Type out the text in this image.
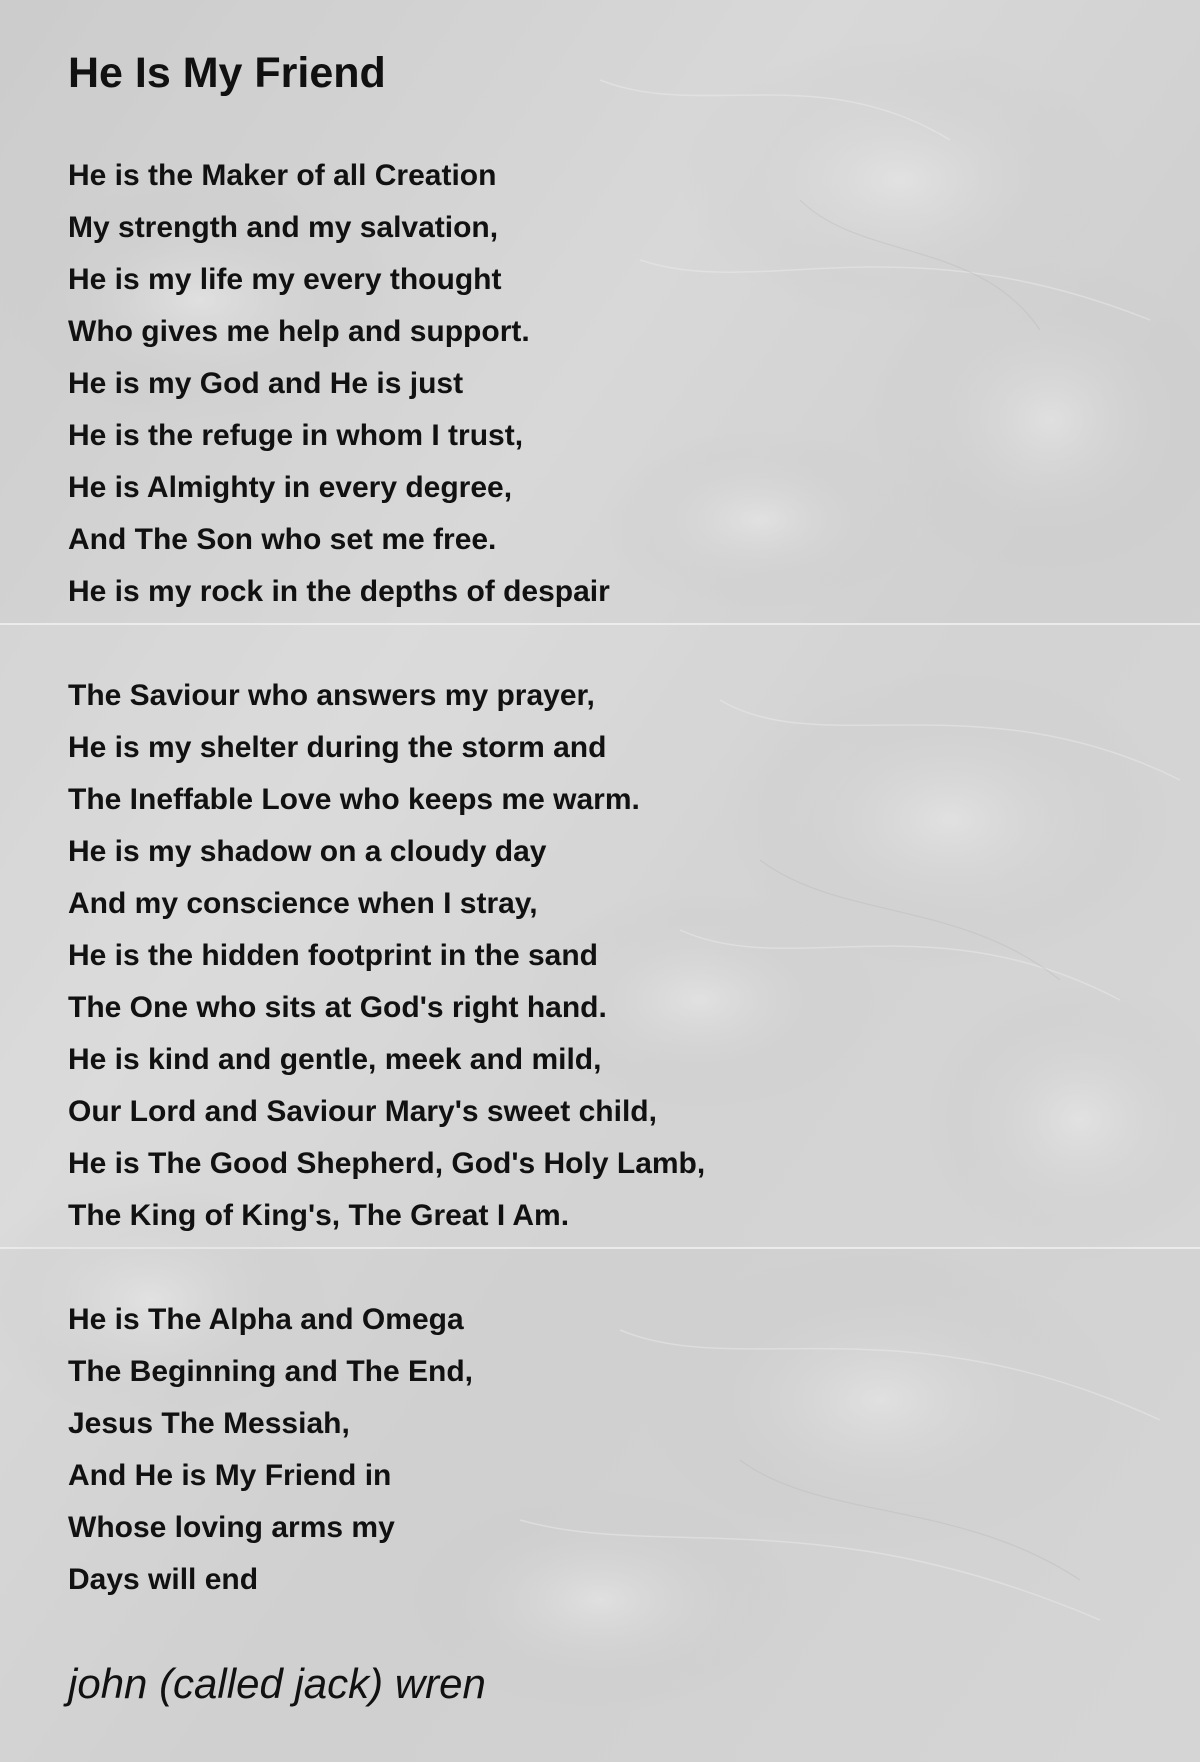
He Is My Friend
He is the Maker of all Creation
My strength and my salvation,
He is my life my every thought
Who gives me help and support.
He is my God and He is just
He is the refuge in whom I trust,
He is Almighty in every degree,
And The Son who set me free.
He is my rock in the depths of despair
The Saviour who answers my prayer,
He is my shelter during the storm and
The Ineffable Love who keeps me warm.
He is my shadow on a cloudy day
And my conscience when I stray,
He is the hidden footprint in the sand
The One who sits at God's right hand.
He is kind and gentle, meek and mild,
Our Lord and Saviour Mary's sweet child,
He is The Good Shepherd, God's Holy Lamb,
The King of King's, The Great I Am.
He is The Alpha and Omega
The Beginning and The End,
Jesus The Messiah,
And He is My Friend in
Whose loving arms my
Days will end

john (called jack) wren
